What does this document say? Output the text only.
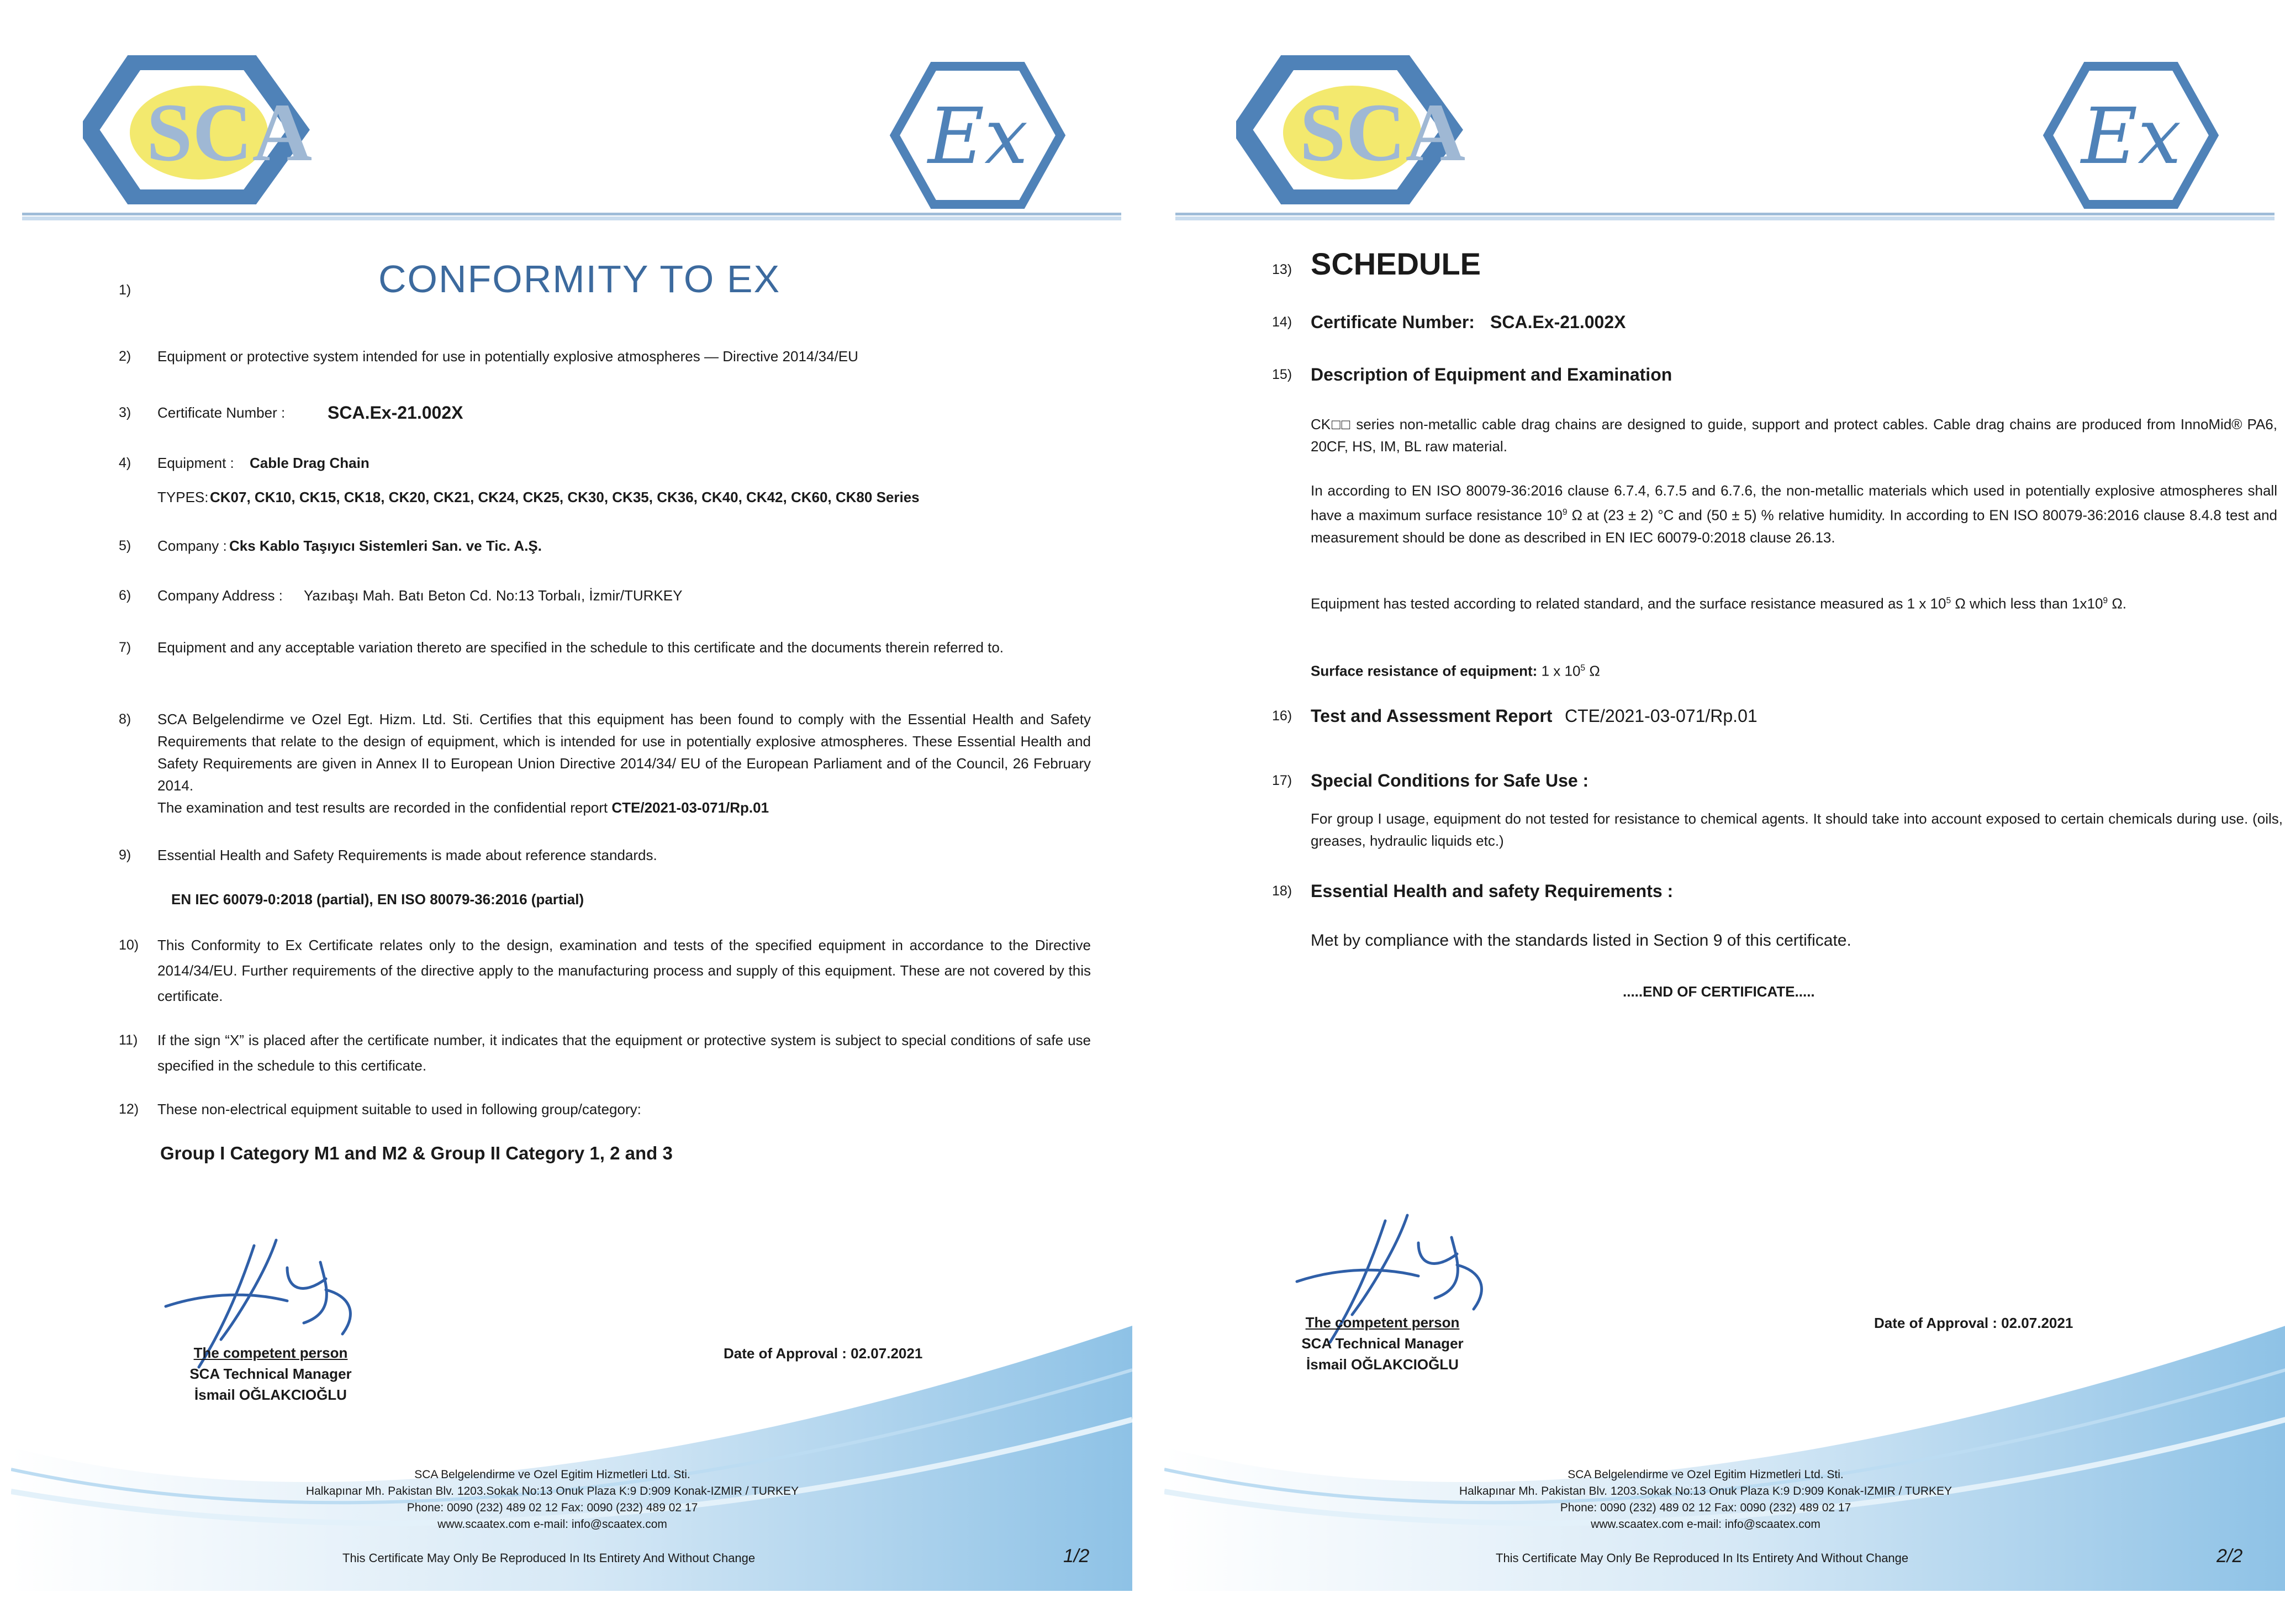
SCA	Ex
1)	CONFORMITY TO EX
2)	Equipment or protective system intended for use in potentially explosive atmospheres — Directive 2014/34/EU
3)	Certificate Number : SCA.Ex-21.002X
4)	Equipment : Cable Drag Chain
TYPES: CK07, CK10, CK15, CK18, CK20, CK21, CK24, CK25, CK30, CK35, CK36, CK40, CK42, CK60, CK80 Series
5)	Company : Cks Kablo Taşıyıcı Sistemleri San. ve Tic. A.Ş.
6)	Company Address : Yazıbaşı Mah. Batı Beton Cd. No:13 Torbalı, İzmir/TURKEY
7)	Equipment and any acceptable variation thereto are specified in the schedule to this certificate and the documents therein referred to.
8)	SCA Belgelendirme ve Ozel Egt. Hizm. Ltd. Sti. Certifies that this equipment has been found to comply with the Essential Health and Safety Requirements that relate to the design of equipment, which is intended for use in potentially explosive atmospheres. These Essential Health and Safety Requirements are given in Annex II to European Union Directive 2014/34/ EU of the European Parliament and of the Council, 26 February 2014.
The examination and test results are recorded in the confidential report CTE/2021-03-071/Rp.01
9)	Essential Health and Safety Requirements is made about reference standards.
EN IEC 60079-0:2018 (partial), EN ISO 80079-36:2016 (partial)
10)	This Conformity to Ex Certificate relates only to the design, examination and tests of the specified equipment in accordance to the Directive 2014/34/EU. Further requirements of the directive apply to the manufacturing process and supply of this equipment. These are not covered by this certificate.
11)	If the sign “X” is placed after the certificate number, it indicates that the equipment or protective system is subject to special conditions of safe use specified in the schedule to this certificate.
12)	These non-electrical equipment suitable to used in following group/category:
Group I Category M1 and M2 & Group II Category 1, 2 and 3
The competent person
SCA Technical Manager
İsmail OĞLAKCIOĞLU
Date of Approval : 02.07.2021
SCA Belgelendirme ve Ozel Egitim Hizmetleri Ltd. Sti.
Halkapınar Mh. Pakistan Blv. 1203.Sokak No:13 Onuk Plaza K:9 D:909 Konak-IZMIR / TURKEY
Phone: 0090 (232) 489 02 12 Fax: 0090 (232) 489 02 17
www.scaatex.com e-mail: info@scaatex.com
This Certificate May Only Be Reproduced In Its Entirety And Without Change	1/2
SCA	Ex
13) SCHEDULE
14)	Certificate Number: SCA.Ex-21.002X
15)	Description of Equipment and Examination
CK□□ series non-metallic cable drag chains are designed to guide, support and protect cables. Cable drag chains are produced from InnoMid® PA6, 20CF, HS, IM, BL raw material.
In according to EN ISO 80079-36:2016 clause 6.7.4, 6.7.5 and 6.7.6, the non-metallic materials which used in potentially explosive atmospheres shall have a maximum surface resistance $10^9$ Ω at (23 ± 2) °C and (50 ± 5) % relative humidity. In according to EN ISO 80079-36:2016 clause 8.4.8 test and measurement should be done as described in EN IEC 60079-0:2018 clause 26.13.
Equipment has tested according to related standard, and the surface resistance measured as 1 x $10^5$ Ω which less than $1x10^9$ Ω.
Surface resistance of equipment: 1 x $10^5$ Ω
16)	Test and Assessment Report CTE/2021-03-071/Rp.01
17)	Special Conditions for Safe Use :
For group I usage, equipment do not tested for resistance to chemical agents. It should take into account exposed to certain chemicals during use. (oils, greases, hydraulic liquids etc.)
18)	Essential Health and safety Requirements :
Met by compliance with the standards listed in Section 9 of this certificate.
.....END OF CERTIFICATE.....
The competent person
SCA Technical Manager
İsmail OĞLAKCIOĞLU
Date of Approval : 02.07.2021
SCA Belgelendirme ve Ozel Egitim Hizmetleri Ltd. Sti.
Halkapınar Mh. Pakistan Blv. 1203.Sokak No:13 Onuk Plaza K:9 D:909 Konak-IZMIR / TURKEY
Phone: 0090 (232) 489 02 12 Fax: 0090 (232) 489 02 17
www.scaatex.com e-mail: info@scaatex.com
This Certificate May Only Be Reproduced In Its Entirety And Without Change	2/2
